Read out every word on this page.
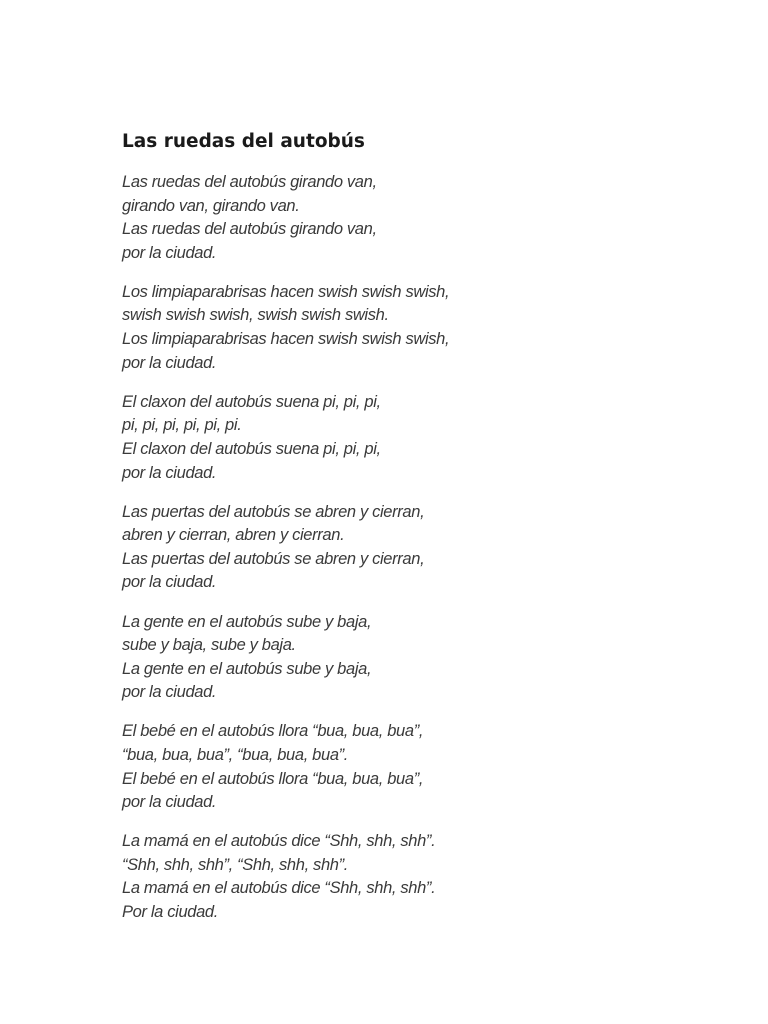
Las ruedas del autobús
Las ruedas del autobús girando van,
girando van, girando van.
Las ruedas del autobús girando van,
por la ciudad.
Los limpiaparabrisas hacen swish swish swish,
swish swish swish, swish swish swish.
Los limpiaparabrisas hacen swish swish swish,
por la ciudad.
El claxon del autobús suena pi, pi, pi,
pi, pi, pi, pi, pi, pi.
El claxon del autobús suena pi, pi, pi,
por la ciudad.
Las puertas del autobús se abren y cierran,
abren y cierran, abren y cierran.
Las puertas del autobús se abren y cierran,
por la ciudad.
La gente en el autobús sube y baja,
sube y baja, sube y baja.
La gente en el autobús sube y baja,
por la ciudad.
El bebé en el autobús llora “bua, bua, bua”,
“bua, bua, bua”, “bua, bua, bua”.
El bebé en el autobús llora “bua, bua, bua”,
por la ciudad.
La mamá en el autobús dice “Shh, shh, shh”.
“Shh, shh, shh”, “Shh, shh, shh”.
La mamá en el autobús dice “Shh, shh, shh”.
Por la ciudad.
